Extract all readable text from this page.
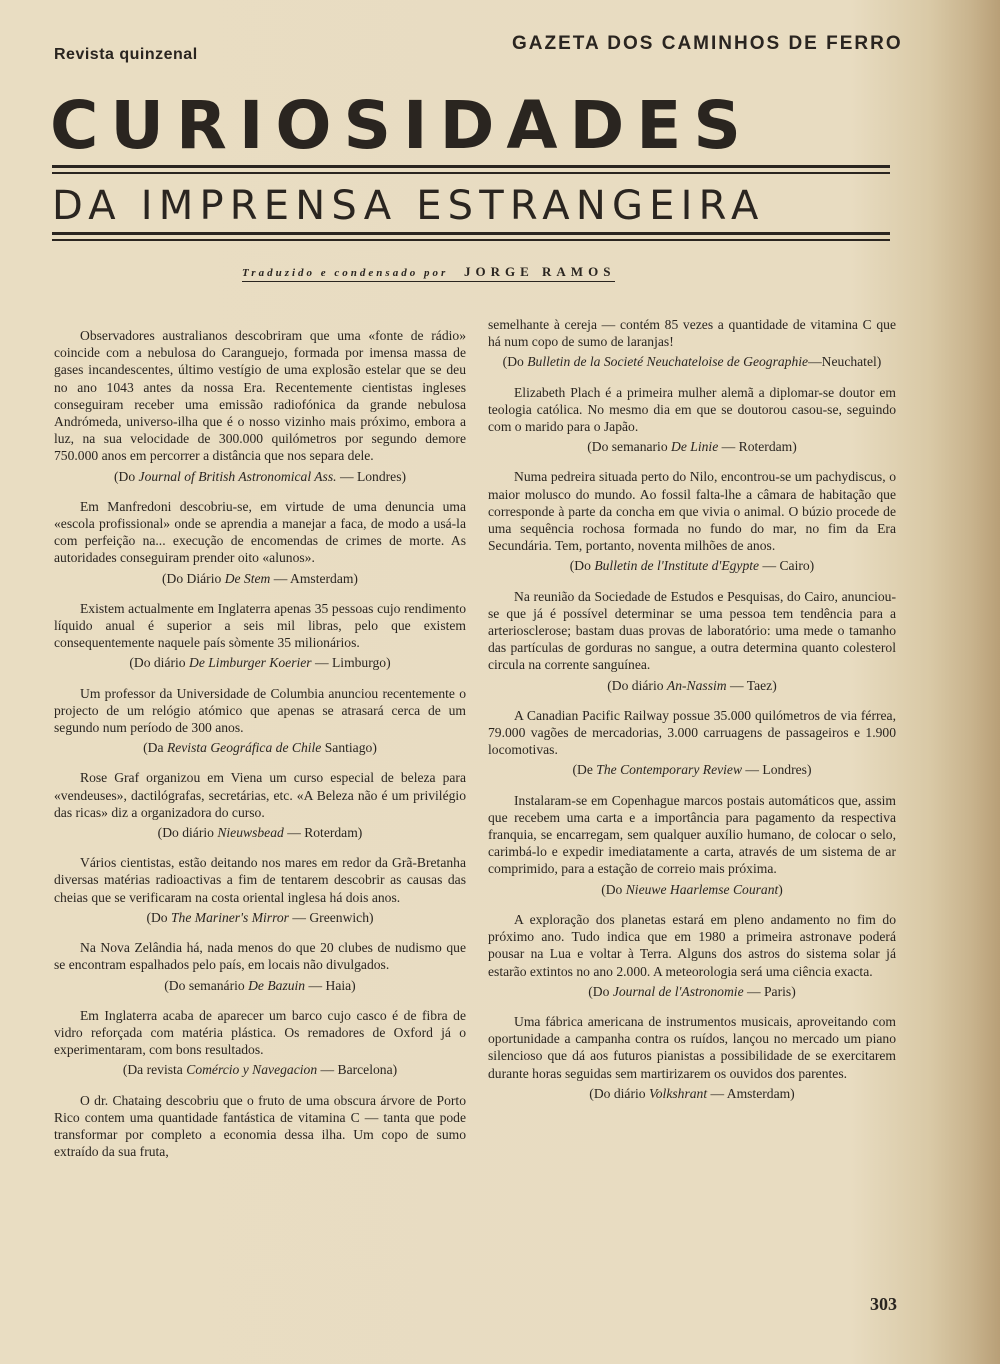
Revista quinzenal
GAZETA DOS CAMINHOS DE FERRO
CURIOSIDADES
DA IMPRENSA ESTRANGEIRA
Traduzido e condensado por JORGE RAMOS

Observadores australianos descobriram que uma «fonte de rádio» coincide com a nebulosa do Caranguejo, formada por imensa massa de gases incandescentes, último vestígio de uma explosão estelar que se deu no ano 1043 antes da nossa Era. Recentemente cientistas ingleses conseguiram receber uma emissão radiofónica da grande nebulosa Andrómeda, universo-ilha que é o nosso vizinho mais próximo, embora a luz, na sua velocidade de 300.000 quilómetros por segundo demore 750.000 anos em percorrer a distância que nos separa dele.

(Do Journal of British Astronomical Ass. — Londres)

Em Manfredoni descobriu-se, em virtude de uma denuncia uma «escola profissional» onde se aprendia a manejar a faca, de modo a usá-la com perfeição na... execução de encomendas de crimes de morte. As autoridades conseguiram prender oito «alunos».

(Do Diário De Stem — Amsterdam)

Existem actualmente em Inglaterra apenas 35 pessoas cujo rendimento líquido anual é superior a seis mil libras, pelo que existem consequentemente naquele país sòmente 35 milionários.

(Do diário De Limburger Koerier — Limburgo)

Um professor da Universidade de Columbia anunciou recentemente o projecto de um relógio atómico que apenas se atrasará cerca de um segundo num período de 300 anos.

(Da Revista Geográfica de Chile Santiago)

Rose Graf organizou em Viena um curso especial de beleza para «vendeuses», dactilógrafas, secretárias, etc. «A Beleza não é um privilégio das ricas» diz a organizadora do curso.

(Do diário Nieuwsbead — Roterdam)

Vários cientistas, estão deitando nos mares em redor da Grã-Bretanha diversas matérias radioactivas a fim de tentarem descobrir as causas das cheias que se verificaram na costa oriental inglesa há dois anos.

(Do The Mariner's Mirror — Greenwich)

Na Nova Zelândia há, nada menos do que 20 clubes de nudismo que se encontram espalhados pelo país, em locais não divulgados.

(Do semanário De Bazuin — Haia)

Em Inglaterra acaba de aparecer um barco cujo casco é de fibra de vidro reforçada com matéria plástica. Os remadores de Oxford já o experimentaram, com bons resultados.

(Da revista Comércio y Navegacion — Barcelona)

O dr. Chataing descobriu que o fruto de uma obscura árvore de Porto Rico contem uma quantidade fantástica de vitamina C — tanta que pode transformar por completo a economia dessa ilha. Um copo de sumo extraído da sua fruta,

semelhante à cereja — contém 85 vezes a quantidade de vitamina C que há num copo de sumo de laranjas!

(Do Bulletin de la Societé Neuchateloise de Geographie—Neuchatel)

Elizabeth Plach é a primeira mulher alemã a diplomar-se doutor em teologia católica. No mesmo dia em que se doutorou casou-se, seguindo com o marido para o Japão.

(Do semanario De Linie — Roterdam)

Numa pedreira situada perto do Nilo, encontrou-se um pachydiscus, o maior molusco do mundo. Ao fossil falta-lhe a câmara de habitação que corresponde à parte da concha em que vivia o animal. O búzio procede de uma sequência rochosa formada no fundo do mar, no fim da Era Secundária. Tem, portanto, noventa milhões de anos.

(Do Bulletin de l'Institute d'Egypte — Cairo)

Na reunião da Sociedade de Estudos e Pesquisas, do Cairo, anunciou-se que já é possível determinar se uma pessoa tem tendência para a arteriosclerose; bastam duas provas de laboratório: uma mede o tamanho das partículas de gorduras no sangue, a outra determina quanto colesterol circula na corrente sanguínea.

(Do diário An-Nassim — Taez)

A Canadian Pacific Railway possue 35.000 quilómetros de via férrea, 79.000 vagões de mercadorias, 3.000 carruagens de passageiros e 1.900 locomotivas.

(De The Contemporary Review — Londres)

Instalaram-se em Copenhague marcos postais automáticos que, assim que recebem uma carta e a importância para pagamento da respectiva franquia, se encarregam, sem qualquer auxílio humano, de colocar o selo, carimbá-lo e expedir imediatamente a carta, através de um sistema de ar comprimido, para a estação de correio mais próxima.

(Do Nieuwe Haarlemse Courant)

A exploração dos planetas estará em pleno andamento no fim do próximo ano. Tudo indica que em 1980 a primeira astronave poderá pousar na Lua e voltar à Terra. Alguns dos astros do sistema solar já estarão extintos no ano 2.000. A meteorologia será uma ciência exacta.

(Do Journal de l'Astronomie — Paris)

Uma fábrica americana de instrumentos musicais, aproveitando com oportunidade a campanha contra os ruídos, lançou no mercado um piano silencioso que dá aos futuros pianistas a possibilidade de se exercitarem durante horas seguidas sem martirizarem os ouvidos dos parentes.

(Do diário Volkshrant — Amsterdam)
303
